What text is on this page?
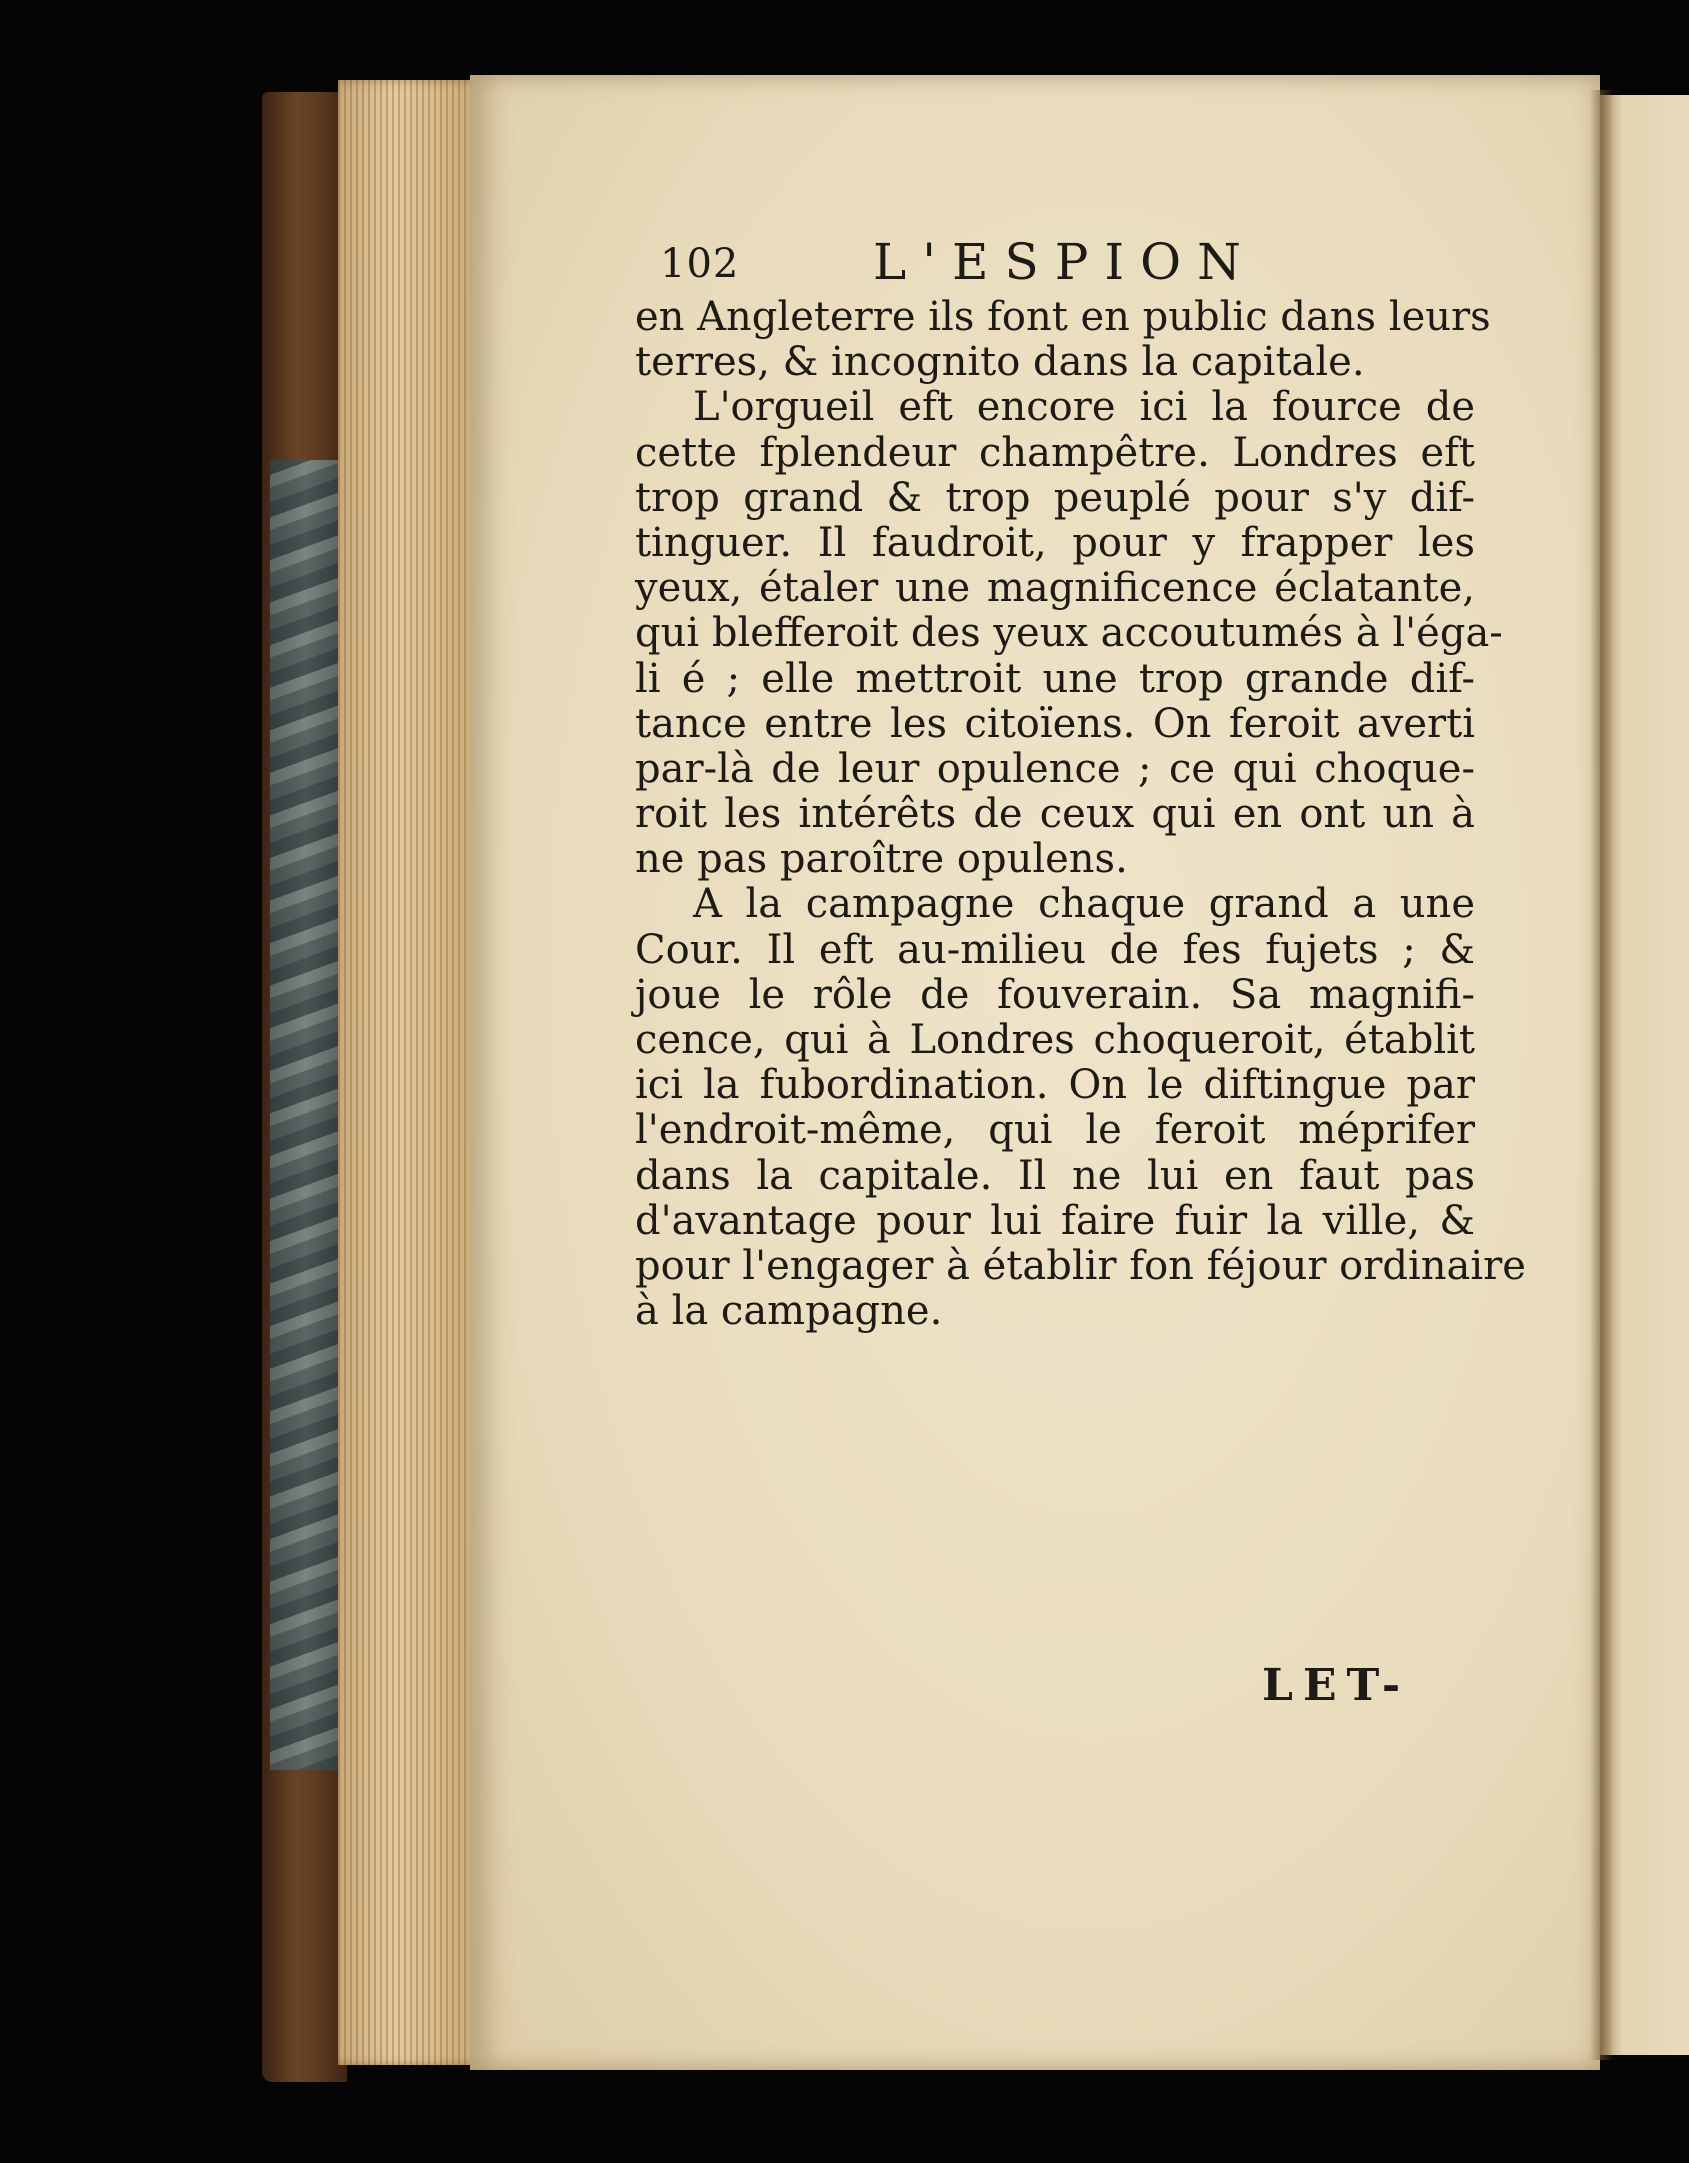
102	L'ESPION
en Angleterre ils font en public dans leurs
terres, & incognito dans la capitale.
L'orgueil eft encore ici la fource de
cette fplendeur champêtre. Londres eft
trop grand & trop peuplé pour s'y dif-
tinguer. Il faudroit, pour y frapper les
yeux, étaler une magnificence éclatante,
qui blefferoit des yeux accoutumés à l'éga-
li é ; elle mettroit une trop grande dif-
tance entre les citoïens. On feroit averti
par-là de leur opulence ; ce qui choque-
roit les intérêts de ceux qui en ont un à
ne pas paroître opulens.
A la campagne chaque grand a une
Cour. Il eft au-milieu de fes fujets ; &
joue le rôle de fouverain. Sa magnifi-
cence, qui à Londres choqueroit, établit
ici la fubordination. On le diftingue par
l'endroit-même, qui le feroit méprifer
dans la capitale. Il ne lui en faut pas
d'avantage pour lui faire fuir la ville, &
pour l'engager à établir fon féjour ordinaire
à la campagne.
LET-
